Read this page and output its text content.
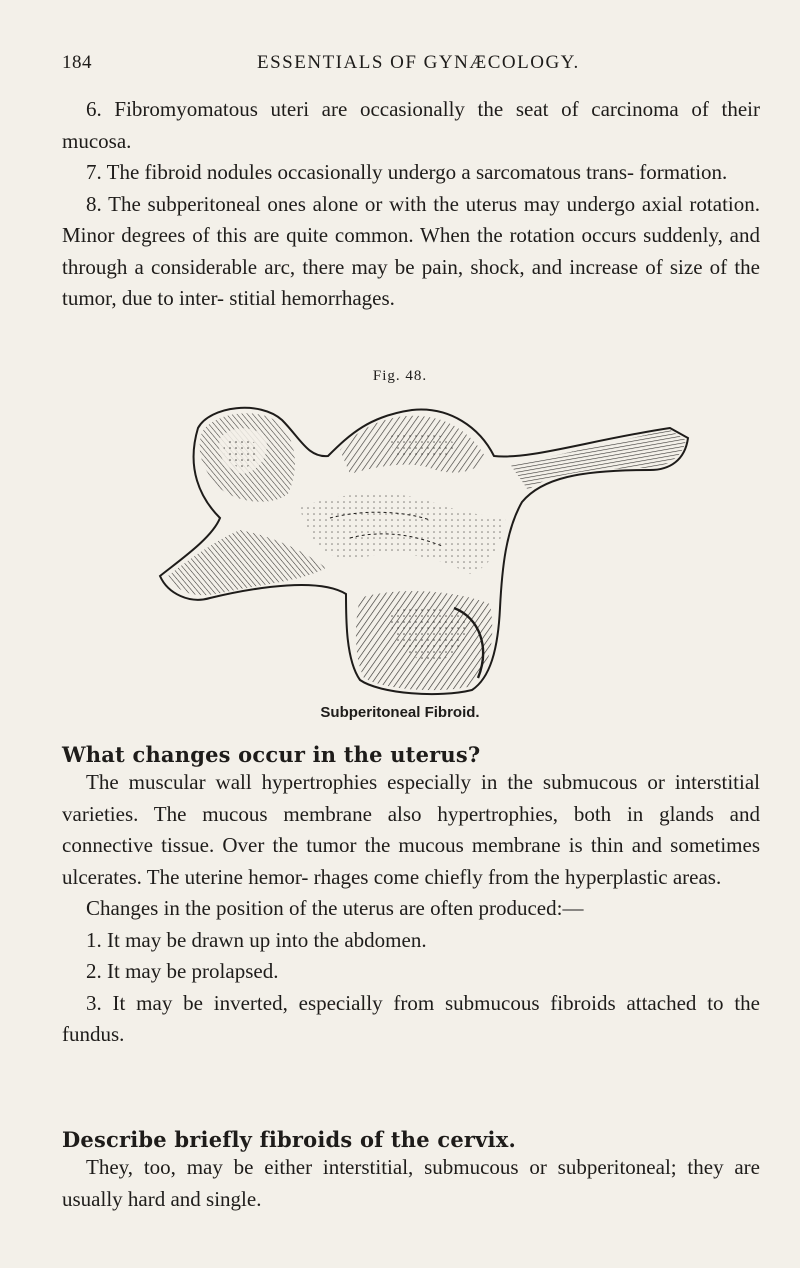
184	ESSENTIALS OF GYNÆCOLOGY.

6. Fibromyomatous uteri are occasionally the seat of carcinoma of their mucosa.

7. The fibroid nodules occasionally undergo a sarcomatous trans- formation.

8. The subperitoneal ones alone or with the uterus may undergo axial rotation. Minor degrees of this are quite common. When the rotation occurs suddenly, and through a considerable arc, there may be pain, shock, and increase of size of the tumor, due to inter- stitial hemorrhages.

Fig. 48.
Subperitoneal Fibroid.
What changes occur in the uterus?

The muscular wall hypertrophies especially in the submucous or interstitial varieties. The mucous membrane also hypertrophies, both in glands and connective tissue. Over the tumor the mucous membrane is thin and sometimes ulcerates. The uterine hemor- rhages come chiefly from the hyperplastic areas.

Changes in the position of the uterus are often produced:—

1. It may be drawn up into the abdomen.

2. It may be prolapsed.

3. It may be inverted, especially from submucous fibroids attached to the fundus.

Describe briefly fibroids of the cervix.

They, too, may be either interstitial, submucous or subperitoneal; they are usually hard and single.
